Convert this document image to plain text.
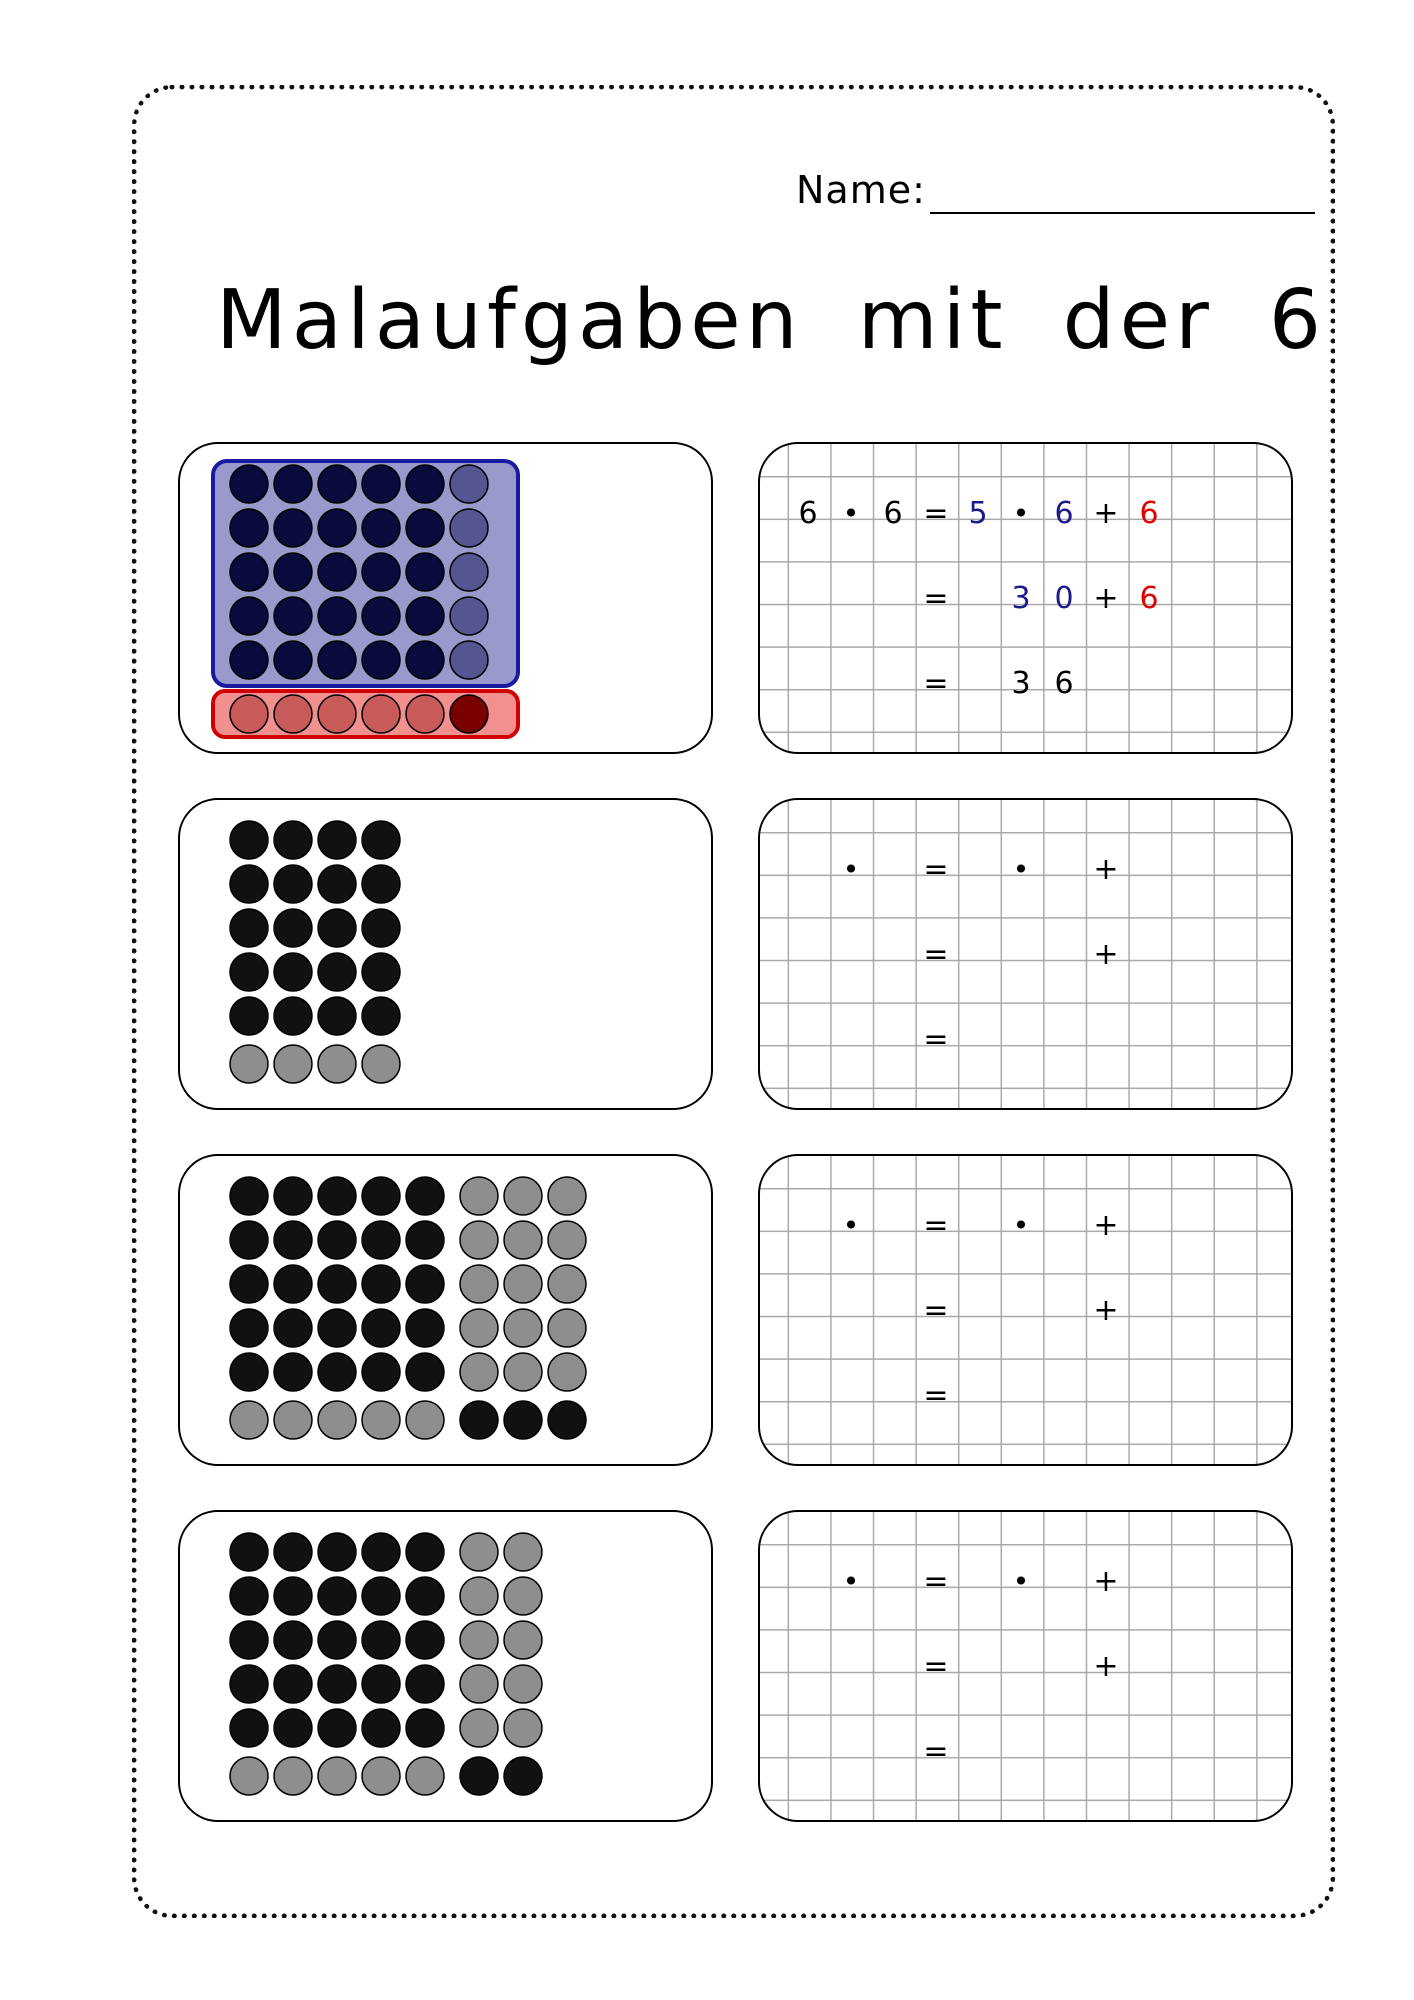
Name:
Malaufgaben mit der 6
6 • 6 = 5 • 6 + 6
=	3 0 + 6
=	3 6
•	=	•	+
=	+
=
•	=	•	+
=	+
=
•	=	•	+
=	+
=
